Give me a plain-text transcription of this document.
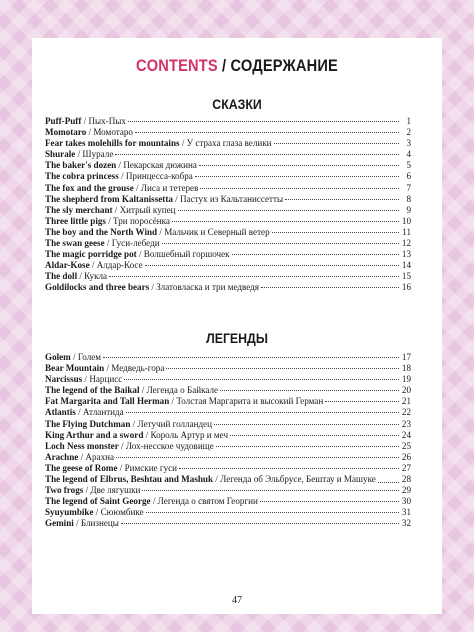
CONTENTS / СОДЕРЖАНИЕ
СКАЗКИ
Puff-Puff / Пых-Пых	1
Momotaro / Момотаро	2
Fear takes molehills for mountains / У страха глаза велики	3
Shurale / Шурале	4
The baker's dozen / Пекарская дюжина	5
The cobra princess / Принцесса-кобра	6
The fox and the grouse / Лиса и тетерев	7
The shepherd from Kaltanissetta / Пастух из Кальтаниссетты	8
The sly merchant / Хитрый купец	9
Three little pigs / Три поросёнка	10
The boy and the North Wind / Мальчик и Северный ветер	11
The swan geese / Гуси-лебеди	12
The magic porridge pot / Волшебный горшочек	13
Aldar-Kose / Алдар-Косе	14
The doll / Кукла	15
Goldilocks and three bears / Златовласка и три медведя	16
ЛЕГЕНДЫ
Golem / Голем	17
Bear Mountain / Медведь-гора	18
Narcissus / Нарцисс	19
The legend of the Baikal / Легенда о Байкале	20
Fat Margarita and Tall Herman / Толстая Маргарита и высокий Герман	21
Atlantis / Атлантида	22
The Flying Dutchman / Летучий голландец	23
King Arthur and a sword / Король Артур и меч	24
Loch Ness monster / Лох-несское чудовище	25
Arachne / Арахна	26
The geese of Rome / Римские гуси	27
The legend of Elbrus, Beshtau and Mashuk / Легенда об Эльбрусе, Бештау и Машуке	28
Two frogs / Две лягушки	29
The legend of Saint George / Легенда о святом Георгии	30
Syuyumbike / Сююмбике	31
Gemini / Близнецы	32
47
